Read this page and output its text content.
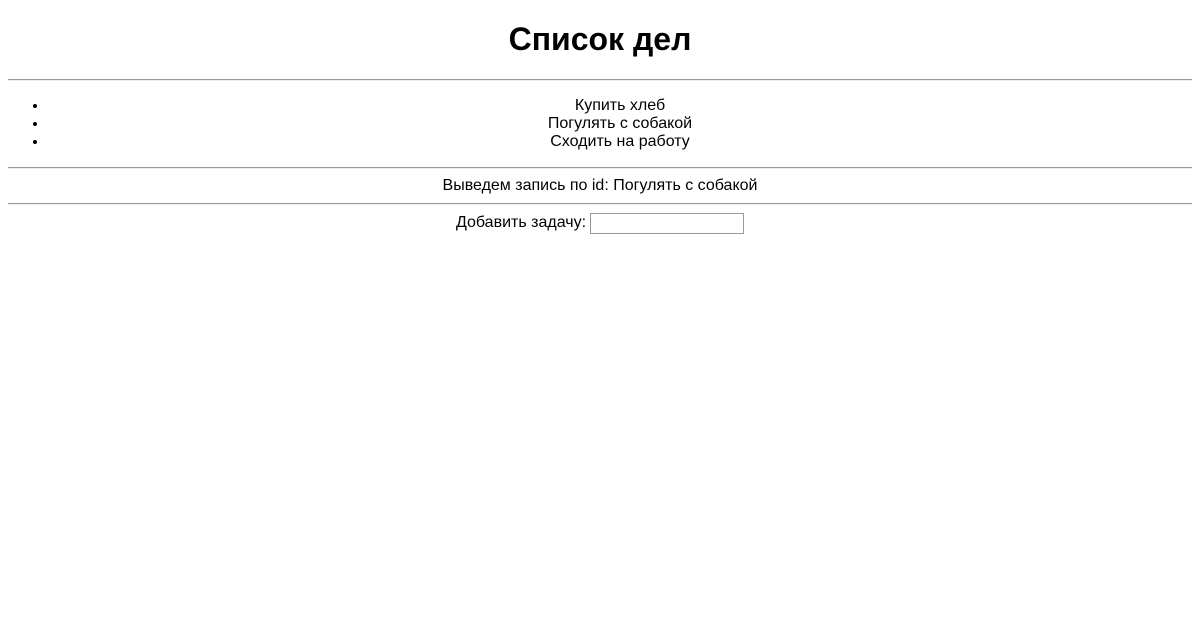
Список дел
• Купить хлеб
• Погулять с собакой
• Сходить на работу
Выведем запись по id: Погулять с собакой
Добавить задачу:
